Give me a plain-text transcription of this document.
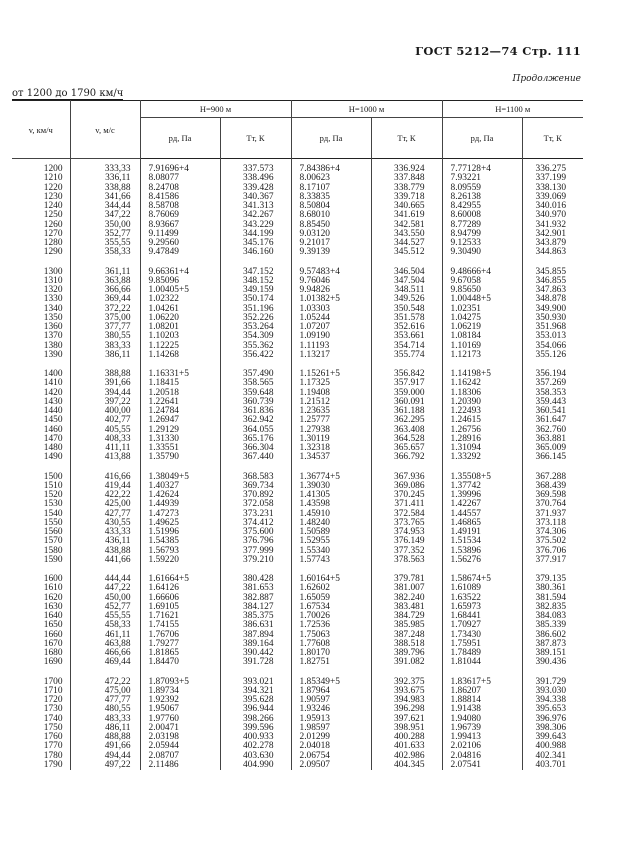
ГОСТ 5212—74 Стр. 111
Продолжение
от 1200 до 1790 км/ч
v, км/ч	v, м/с	H=900 м		H=1000 м		H=1100 м	
		pд, Па	Tт, К	pд, Па	Tт, К	pд, Па	Tт, К
1200	333,33	7.91696+4	337.573	7.84386+4	336.924	7.77128+4	336.275
1210	336,11	8.08077	338.496	8.00623	337.848	7.93221	337.199
1220	338,88	8.24708	339.428	8.17107	338.779	8.09559	338.130
1230	341,66	8.41586	340.367	8.33835	339.718	8.26138	339.069
1240	344,44	8.58708	341.313	8.50804	340.665	8.42955	340.016
1250	347,22	8.76069	342.267	8.68010	341.619	8.60008	340.970
1260	350,00	8.93667	343.229	8.85450	342.581	8.77289	341.932
1270	352,77	9.11499	344.199	9.03120	343.550	8.94799	342.901
1280	355,55	9.29560	345.176	9.21017	344.527	9.12533	343.879
1290	358,33	9.47849	346.160	9.39139	345.512	9.30490	344.863

1300	361,11	9.66361+4	347.152	9.57483+4	346.504	9.48666+4	345.855
1310	363,88	9.85096	348.152	9.76046	347.504	9.67058	346.855
1320	366,66	1.00405+5	349.159	9.94826	348.511	9.85650	347.863
1330	369,44	1.02322	350.174	1.01382+5	349.526	1.00448+5	348.878
1340	372,22	1.04261	351.196	1.03303	350.548	1.02351	349.900
1350	375,00	1.06220	352.226	1.05244	351.578	1.04275	350.930
1360	377,77	1.08201	353.264	1.07207	352.616	1.06219	351.968
1370	380,55	1.10203	354.309	1.09190	353.661	1.08184	353.013
1380	383,33	1.12225	355.362	1.11193	354.714	1.10169	354.066
1390	386,11	1.14268	356.422	1.13217	355.774	1.12173	355.126

1400	388,88	1.16331+5	357.490	1.15261+5	356.842	1.14198+5	356.194
1410	391,66	1.18415	358.565	1.17325	357.917	1.16242	357.269
1420	394,44	1.20518	359.648	1.19408	359.000	1.18306	358.353
1430	397,22	1.22641	360.739	1.21512	360.091	1.20390	359.443
1440	400,00	1.24784	361.836	1.23635	361.188	1.22493	360.541
1450	402,77	1.26947	362.942	1.25777	362.295	1.24615	361.647
1460	405,55	1.29129	364.055	1.27938	363.408	1.26756	362.760
1470	408,33	1.31330	365.176	1.30119	364.528	1.28916	363.881
1480	411,11	1.33551	366.304	1.32318	365.657	1.31094	365.009
1490	413,88	1.35790	367.440	1.34537	366.792	1.33292	366.145

1500	416,66	1.38049+5	368.583	1.36774+5	367.936	1.35508+5	367.288
1510	419,44	1.40327	369.734	1.39030	369.086	1.37742	368.439
1520	422,22	1.42624	370.892	1.41305	370.245	1.39996	369.598
1530	425,00	1.44939	372.058	1.43598	371.411	1.42267	370.764
1540	427,77	1.47273	373.231	1.45910	372.584	1.44557	371.937
1550	430,55	1.49625	374.412	1.48240	373.765	1.46865	373.118
1560	433,33	1.51996	375.600	1.50589	374.953	1.49191	374.306
1570	436,11	1.54385	376.796	1.52955	376.149	1.51534	375.502
1580	438,88	1.56793	377.999	1.55340	377.352	1.53896	376.706
1590	441,66	1.59220	379.210	1.57743	378.563	1.56276	377.917

1600	444,44	1.61664+5	380.428	1.60164+5	379.781	1.58674+5	379.135
1610	447,22	1.64126	381.653	1.62602	381.007	1.61089	380.361
1620	450,00	1.66606	382.887	1.65059	382.240	1.63522	381.594
1630	452,77	1.69105	384.127	1.67534	383.481	1.65973	382.835
1640	455,55	1.71621	385.375	1.70026	384.729	1.68441	384.083
1650	458,33	1.74155	386.631	1.72536	385.985	1.70927	385.339
1660	461,11	1.76706	387.894	1.75063	387.248	1.73430	386.602
1670	463,88	1.79277	389.164	1.77608	388.518	1.75951	387.873
1680	466,66	1.81865	390.442	1.80170	389.796	1.78489	389.151
1690	469,44	1.84470	391.728	1.82751	391.082	1.81044	390.436

1700	472,22	1.87093+5	393.021	1.85349+5	392.375	1.83617+5	391.729
1710	475,00	1.89734	394.321	1.87964	393.675	1.86207	393.030
1720	477,77	1.92392	395.628	1.90597	394.983	1.88814	394.338
1730	480,55	1.95067	396.944	1.93246	396.298	1.91438	395.653
1740	483,33	1.97760	398.266	1.95913	397.621	1.94080	396.976
1750	486,11	2.00471	399.596	1.98597	398.951	1.96739	398.306
1760	488,88	2.03198	400.933	2.01299	400.288	1.99413	399.643
1770	491,66	2.05944	402.278	2.04018	401.633	2.02106	400.988
1780	494,44	2.08707	403.630	2.06754	402.986	2.04816	402.341
1790	497,22	2.11486	404.990	2.09507	404.345	2.07541	403.701
